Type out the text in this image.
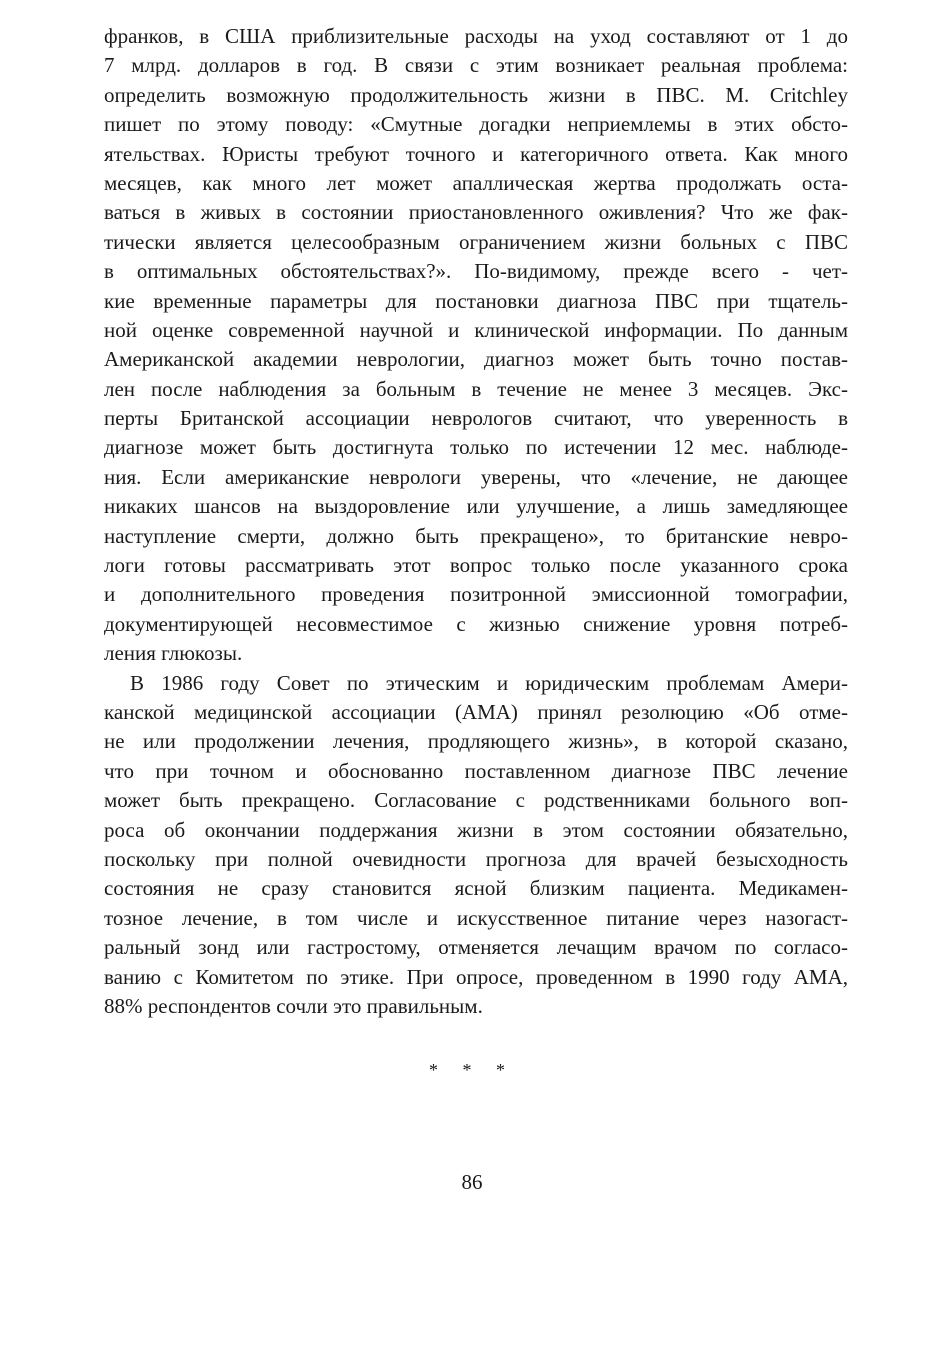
франков, в США приблизительные расходы на уход составляют от 1 до
7 млрд. долларов в год. В связи с этим возникает реальная проблема:
определить возможную продолжительность жизни в ПВС. M. Critchley
пишет по этому поводу: «Смутные догадки неприемлемы в этих обсто-
ятельствах. Юристы требуют точного и категоричного ответа. Как много
месяцев, как много лет может апаллическая жертва продолжать оста-
ваться в живых в состоянии приостановленного оживления? Что же фак-
тически является целесообразным ограничением жизни больных с ПВС
в оптимальных обстоятельствах?». По-видимому, прежде всего - чет-
кие временные параметры для постановки диагноза ПВС при тщатель-
ной оценке современной научной и клинической информации. По данным
Американской академии неврологии, диагноз может быть точно постав-
лен после наблюдения за больным в течение не менее 3 месяцев. Экс-
перты Британской ассоциации неврологов считают, что уверенность в
диагнозе может быть достигнута только по истечении 12 мес. наблюде-
ния. Если американские неврологи уверены, что «лечение, не дающее
никаких шансов на выздоровление или улучшение, а лишь замедляющее
наступление смерти, должно быть прекращено», то британские невро-
логи готовы рассматривать этот вопрос только после указанного срока
и дополнительного проведения позитронной эмиссионной томографии,
документирующей несовместимое с жизнью снижение уровня потреб-
ления глюкозы.
В 1986 году Совет по этическим и юридическим проблемам Амери-
канской медицинской ассоциации (АМА) принял резолюцию «Об отме-
не или продолжении лечения, продляющего жизнь», в которой сказано,
что при точном и обоснованно поставленном диагнозе ПВС лечение
может быть прекращено. Согласование с родственниками больного воп-
роса об окончании поддержания жизни в этом состоянии обязательно,
поскольку при полной очевидности прогноза для врачей безысходность
состояния не сразу становится ясной близким пациента. Медикамен-
тозное лечение, в том числе и искусственное питание через назогаст-
ральный зонд или гастростому, отменяется лечащим врачом по согласо-
ванию с Комитетом по этике. При опросе, проведенном в 1990 году АМА,
88% респондентов сочли это правильным.
* * *
86
